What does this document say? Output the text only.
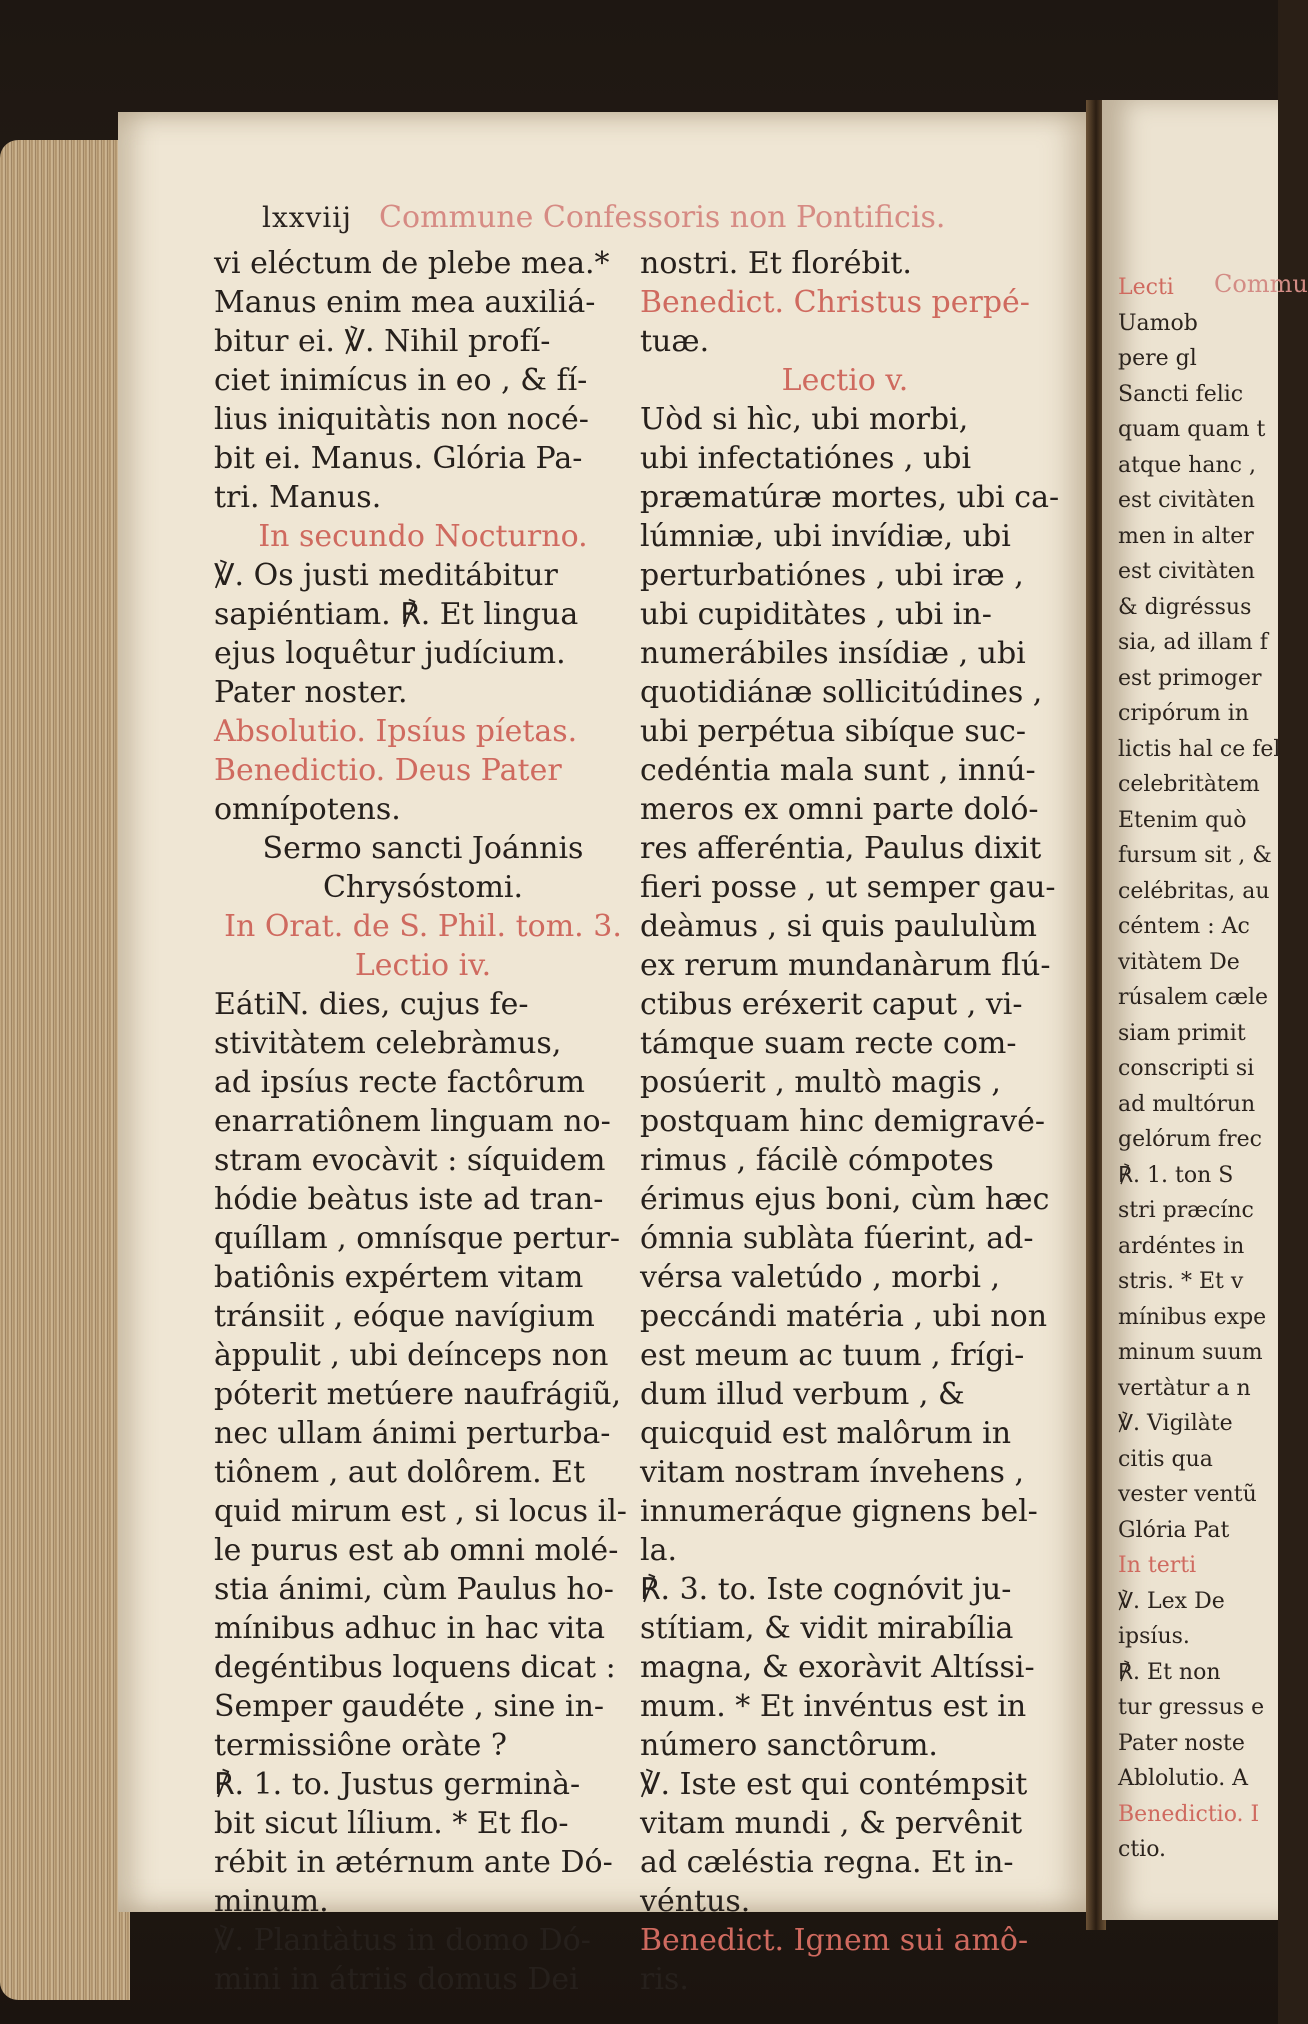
Commu
Lecti
Uamob
pere gl
Sancti felic
quam quam t
atque hanc ,
est civitàten
men in alter
est civitàten
& digréssus
sia, ad illam f
est primoger
cripórum in
lictis hal ce fel
celebritàtem
Etenim quò
fursum sit , &
celébritas, au
céntem : Ac
vitàtem De
rúsalem cæle
siam primit
conscripti si
ad multórun
gelórum frec
℟. 1. ton S
stri præcínc
ardéntes in
stris. * Et v
mínibus expe
minum suum
vertàtur a n
℣. Vigilàte
citis qua
vester ventũ
Glória Pat
In terti
℣. Lex De
ipsíus.
℟. Et non
tur gressus e
Pater noste
Ablolutio. A
Benedictio. I
ctio.
lxxviij Commune Confessoris non Pontificis.
vi eléctum de plebe mea.*
Manus enim mea auxiliá-
bitur ei. ℣. Nihil profí-
ciet inimícus in eo , & fí-
lius iniquitàtis non nocé-
bit ei. Manus. Glória Pa-
tri. Manus.
In secundo Nocturno.
℣. Os justi meditábitur
sapiéntiam. ℟. Et lingua
ejus loquêtur judícium.
Pater noster.
Absolutio. Ipsíus píetas.
Benedictio. Deus Pater
omnípotens.
Sermo sancti Joánnis
Chrysóstomi.
In Orat. de S. Phil. tom. 3.
Lectio iv.
EátiN. dies, cujus fe-
stivitàtem celebràmus,
ad ipsíus recte factôrum
enarratiônem linguam no-
stram evocàvit : síquidem
hódie beàtus iste ad tran-
quíllam , omnísque pertur-
batiônis expértem vitam
tránsiit , eóque navígium
àppulit , ubi deínceps non
póterit metúere naufrágiũ,
nec ullam ánimi perturba-
tiônem , aut dolôrem. Et
quid mirum est , si locus il-
le purus est ab omni molé-
stia ánimi, cùm Paulus ho-
mínibus adhuc in hac vita
degéntibus loquens dicat :
Semper gaudéte , sine in-
termissiône oràte ?
℟. 1. to. Justus germinà-
bit sicut lílium. * Et flo-
rébit in ætérnum ante Dó-
minum.
℣. Plantàtus in domo Dó-
mini in átriis domus Dei
nostri. Et florébit.
Benedict. Christus perpé-
tuæ.
Lectio v.
Uòd si hìc, ubi morbi,
ubi infectatiónes , ubi
præmatúræ mortes, ubi ca-
lúmniæ, ubi invídiæ, ubi
perturbatiónes , ubi iræ ,
ubi cupiditàtes , ubi in-
numerábiles insídiæ , ubi
quotidiánæ sollicitúdines ,
ubi perpétua sibíque suc-
cedéntia mala sunt , innú-
meros ex omni parte doló-
res afferéntia, Paulus dixit
fieri posse , ut semper gau-
deàmus , si quis paululùm
ex rerum mundanàrum flú-
ctibus eréxerit caput , vi-
támque suam recte com-
posúerit , multò magis ,
postquam hinc demigravé-
rimus , fácilè cómpotes
érimus ejus boni, cùm hæc
ómnia sublàta fúerint, ad-
vérsa valetúdo , morbi ,
peccándi matéria , ubi non
est meum ac tuum , frígi-
dum illud verbum , &
quicquid est malôrum in
vitam nostram ínvehens ,
innumeráque gignens bel-
la.
℟. 3. to. Iste cognóvit ju-
stítiam, & vidit mirabília
magna, & exoràvit Altíssi-
mum. * Et invéntus est in
número sanctôrum.
℣. Iste est qui contémpsit
vitam mundi , & pervênit
ad cæléstia regna. Et in-
véntus.
Benedict. Ignem sui amô-
ris.
